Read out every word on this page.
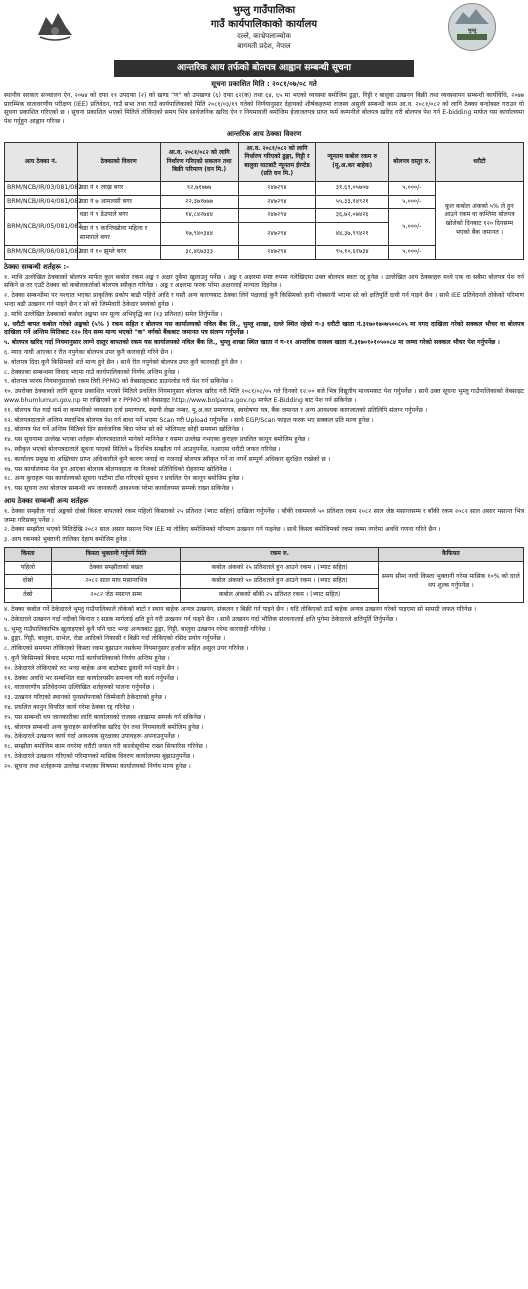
भुम्लु गाउँपालिका
गाउँ कार्यपालिकाको कार्यालय
दल्ले, काभ्रेपलाञ्चोक
बागमती प्रदेश, नेपाल
भुम्लु
आन्तरिक आय तर्फको बोलपत्र आह्वान सम्बन्धी सूचना
सूचना प्रकाशित मिति : २०८१/०७/०८ गते

स्थानीय सरकार सञ्चालन ऐन, २०७४ को दफा ११ उपदफा (२) को खण्ड "ण" को उपखण्ड (६) दफा ६२(क) तथा ६४, ६५ मा भएको व्यवस्था बमोजिम ढुङ्गा, गिट्टी र बालुवा उत्खनन बिक्री तथा व्यवस्थापन सम्बन्धी कार्यविधि, २०७७ प्रारम्भिक वातावरणीय परीक्षण (IEE) प्रतिवेदन, गाउँ सभा तथा गाउँ कार्यपालिकाको मिति २०८१/०३/१९ गतेको निर्णयानुसार देहायको शीर्षकहरुमा राजस्व असुली सम्बन्धी काम आ.व. २०८१/०८२ को लागि ठेक्का बन्दोबस्त गराउन यो सूचना प्रकाशित गरिएको छ । सूचना प्रकाशित भएको मितिले तोकिएको समय भित्र सार्वजनिक खरिद ऐन र नियमावली बमोजिम ईजाजतपत्र प्राप्त फर्म कम्पनीले बोलपत्र खरिद गरी बोलपत्र पेश गर्न E-bidding मार्फत यस कार्यालयमा पेश गर्नुहुन आह्वान गरिन्छ ।

आन्तरिक आय ठेक्का विवरण
आय ठेक्का नं.	ठेक्काको विवरण	आ.व. २०८१/०८२ को लागि निर्धारण गरिएको सकलन तथा बिक्री परिमाण (घन मि.)	आ.व. २०८१/०८२ को लागि निर्धारण गरिएको ढुङ्गा, गिट्टी र बालुवा घाटबाटै न्यूनतम ईरन्टेड (प्रति घन मि.)	न्यूनतम कबोल रकम रु (मू.अ.कर बाहेक)	बोलपत्र दस्तुर रु.	धरौटी
BRM/NCB/IR/03/081/082	वडा नं १ जाख्र बगर	१२,७१७७७	२४७२९४	३१,६९,०५७०७	५,०००/-	कूल कबोल अंकको ५% ले हुन आउने रकम वा कम्तिमा बोलपत्र खोलेको दिनबाट १२० दिनसम्म भएको बैंक जमानत ।
BRM/NCB/IR/04/081/082	वडा नं ७ आमलसी बगर	२२,३७१७७७	२४७२९४	५५,३३,१४९२१	५,०००/-	
BRM/NCB/IR/05/081/082	वडा नं ९ डेउपाले बगर	१४,८४२७४४	२४७२९४	३६,७२,०७४२६	५,०००/-	
	वडा नं ९ कान्तिखोला महिला र सामपाले बगर	१७,९४०३४४	२४७२९४	४४,३७,९९४२१		
BRM/NCB/IR/06/081/082	वडा नं १० झुम्ले बगर	३८,४६७३३३	२४७२९४	९५,१०,६१७३४	५,०००/-	
ठेक्का सम्बन्धी शर्तहरू :-
१. माथि उल्लेखित ठेक्काको बोलपत्र मार्फत कूल कबोल रकम अङ्क र अक्षर दुबैमा खुलाउनु पर्नेछ । अङ्क र अक्षरमा स्पष्ट रुपमा नलेखिएमा उक्त बोलपत्र स्वतः रद्द हुनेछ । उल्लेखित आय ठेक्काहरु मध्ये एक वा सबैमा बोलपत्र पेश गर्न सकिने छ तर एउटै ठेक्का को कबोलकर्ताको बोलपत्र स्वीकृत गरिनेछ । अङ्क र अक्षरमा फरक परेमा अक्षरलाई मान्यता दिइनेछ ।
२. ठेक्का सम्बन्धीमा पर पश्चात भएका प्राकृतिक प्रकोप बाढी पहिरो आदि र यस्तै अन्य कारणबाट ठेक्का लिने पक्षलाई कुनै किसिमको हानी नोक्सानी भएमा सो को क्षतिपूर्ति दावी गर्न पाइने छैन । साथै IEE प्रतिवेदनले तोकेको परिमाण भन्दा बढी उत्खनन गर्न पाइने छैन र सो को जिम्मेवारी ठेकेदार स्वयंको हुनेछ ।
३. माथि उल्लेखित ठेक्काको कबोल अङ्कमा थप मूल्य अभिवृद्धि कर (१३ प्रतिशत) समेत तिर्नुपर्नेछ ।
४. धरौटी बापत कबोल गरेको अङ्कको (५% ) रकम सहित र बोलपत्र यस कार्यालयको नविल बैंक लि., भुम्लु शाखा, दल्ले स्थित रहेको ग-३ धरौटी खाता नं.३१७०१७०७५००८०५ मा नगद दाखिला गरेको सक्कल भौचर वा बोलपत्र दाखिला गर्ने अन्तिम मितिबाट १२० दिन सम्म मान्य भएको "क" वर्गको बैंकबाट जमानत पत्र संलग्न गर्नुपर्नेछ ।
५. बोलपत्र खरिद गर्दा नियमानुसार लाग्ने दस्तुर बापतको रकम यस कार्यालयको नविल बैंक लि., भुम्लु शाखा स्थित खाता नं ग-११ आन्तरिक राजश्व खाता नं.३१७०१०१०५००८४ मा जम्मा गरेको सक्कल भौचर पेश गर्नुपर्नेछ ।
६. म्याद नाघी आएका र रीत नपुगेका बोलपत्र उपर कुनै कारवाही गरिने छैन ।
७. बोलपत्र दिदा कुनै किसिमको शर्त मान्य हुने छैन । साथै रीत नपुगेको बोलपत्र उपर कुनै कारवाही हुने छैन ।
८. ठेक्काका सम्बन्धमा विवाद भएमा गाउँ कार्यपालिकाको निर्णय अन्तिम हुनेछ ।
९. बोलपत्र फारम नियमानुसारको रकम तिरी PPMO को वेबसाइटबाट डाउनलोड गरी पेश गर्न सकिनेछ ।
१०. उपरोक्त ठेक्काको लागि सूचना प्रकाशित भएको मितिले प्रचलित नियमानुसार बोलपत्र खरिद गरी मिति २०८१/०८/०५ गते दिनको १२:०० बजे भित्र विद्युतीय माध्यमबाट पेश गर्नुपर्नेछ । साथै उक्त सूचना भुम्लु गाउँपालिकाको वेबसाइट www.bhumlumun.gov.np मा राखिएको छ र PPMO को वेबसाइट http://www.bolpatra.gov.np मार्फत E-Bidding बाट पेश गर्न सकिनेछ ।
११. बोलपत्र पेश गर्दा फर्म वा कम्पनीको व्यवसाय दर्ता प्रमाणपत्र, स्थायी लेखा नम्बर, मू.अ.कर प्रमाणपत्र, स्वघोषणा पत्र, बैंक जमानत र अन्य आवश्यक कागजातको प्रतिलिपि संलग्न गर्नुपर्नेछ ।
१२. बोलपत्रदाताले अन्तिम म्यादभित्र बोलपत्र पेश गर्न बाधा पर्ने भएमा Scan गरी Upload गर्नुपर्नेछ । साथै EGP/Scan फाइल फरक भए सक्कल प्रति मान्य हुनेछ ।
१३. बोलपत्र पेश गर्ने अन्तिम मितिको दिन सार्वजनिक बिदा परेमा सो को भोलिपल्ट सोही समयमा खोलिनेछ ।
१४. यस सूचनामा उल्लेख भएका शर्तहरू बोलपत्रदाताले मानेको मानिनेछ र यसमा उल्लेख नभएका कुराहरु प्रचलित कानून बमोजिम हुनेछ ।
१५. स्वीकृत भएको बोलपत्रदाताले सूचना पाएको मितिले ७ दिनभित्र सम्झौता गर्न आउनुपर्नेछ, नआएमा धरौटी जफत गरिनेछ ।
१६. कार्यालय प्रमुख वा अख्तियार प्राप्त अधिकारीले कुनै कारण जनाई वा नजनाई बोलपत्र स्वीकृत गर्ने वा नगर्ने सम्पूर्ण अधिकार सुरक्षित राखेको छ ।
१७. यस कार्यालयमा पेश हुन आएका बोलपत्र बोलपत्रदाता वा निजको प्रतिनिधिको रोहवरमा खोलिनेछ ।
१८. अन्य कुराहरू यस कार्यालयको सूचना पाटीमा टाँस गरिएको सूचना र प्रचलित ऐन कानून बमोजिम हुनेछ ।
१९. यस सूचना तथा बोलपत्र सम्बन्धी थप जानकारी आवश्यक परेमा कार्यालयमा सम्पर्क राख्न सकिनेछ ।
आय ठेक्का सम्बन्धी अन्य शर्तहरू
१. ठेक्का सम्झौता गर्दा अङ्कको दोस्रो किस्ता बापतको रकम पहिलो किस्ताको २५ प्रतिशत (भ्याट सहित) दाखिला गर्नुपर्नेछ । बाँकी रकममध्ये ५० प्रतिशत रकम २०८२ साल जेष्ठ मसान्तसम्म र बाँकी रकम २०८२ साल असार मसान्त भित्र जम्मा गरिसक्नु पर्नेछ ।
२. ठेक्का सम्झौता भएको मितिदेखि २०८२ साल असार मसान्त भित्र IEE मा तोकिए बमोजिमको परिमाण उत्खनन गर्न पाइनेछ । साथै किस्ता बमोजिमको रकम जम्मा नगरेमा अवधि गणना गरिने छैन ।
३. आय रकमको भुक्तानी तालिका देहाय बमोजिम हुनेछ :
किस्ता	किस्ता भुक्तानी गर्नुपर्ने मिति	रकम रु.	कैफियत
पहिलो	ठेक्का सम्झौताको बखत	कबोल अंकको २५ प्रतिशतले हुन आउने रकम । (भ्याट सहित)	समय सीमा नाघी किस्ता भुक्तानी गरेमा मासिक १०% को दरले थप शुल्क गर्नुपर्नेछ ।
दोस्रो	२०८२ साल माघ मसान्तभित्र	कबोल अंकको ५० प्रतिशतले हुन आउने रकम । (भ्याट सहित)	
तेस्रो	२०८२ जेठ मसान्त सम्म	कबोल अंकको बाँकी २५ प्रतिशत रकम । (भ्याट सहित)	
४. ठेक्का कबोल गर्ने ठेकेदारले भुम्लु गाउँपालिकाले तोकेको बाटो र स्थान बाहेक अन्यत्र उत्खनन, संकलन र बिक्री गर्न पाइने छैन । यदि तोकिएको ठाउँ बाहेक अन्यत्र उत्खनन गरेको पाइएमा सो सामग्री जफत गरिनेछ ।
५. ठेकेदारले उत्खनन गर्दा नदीको किनारा र सडक मार्गलाई क्षति हुने गरी उत्खनन गर्न पाइने छैन । साथै उत्खनन गर्दा भौतिक संरचनालाई क्षति पुगेमा ठेकेदारले क्षतिपूर्ति तिर्नुपर्नेछ ।
६. भुम्लु गाउँपालिकाभित्र खुलाइएको कुनै पनि घाट भन्दा अन्यत्रबाट ढुङ्गा, गिट्टी, बालुवा उत्खनन गरेमा कारवाही गरिनेछ ।
७. ढुङ्गा, गिट्टी, बालुवा, ग्राभेल, रोडा आदिको निकासी र बिक्री गर्दा तोकिएको रसिद प्रयोग गर्नुपर्नेछ ।
८. तोकिएको समयमा तोकिएको किस्ता रकम बुझाउन नसकेमा नियमानुसार हर्जाना सहित असुल उपर गरिनेछ ।
९. कुनै किसिमको बिवाद भएमा गाउँ कार्यपालिकाको निर्णय अन्तिम हुनेछ ।
१०. ठेकेदारले तोकिएको रुट भन्दा बाहेक अन्य बाटोबाट ढुवानी गर्न पाइने छैन ।
११. ठेक्का अवधि भर सम्बन्धित वडा कार्यालयसँग समन्वय गरी कार्य गर्नुपर्नेछ ।
१२. वातावरणीय प्रतिवेदनमा उल्लिखित शर्तहरुको पालना गर्नुपर्नेछ ।
१३. उत्खनन गरिएको स्थानको पुनर्स्थापनाको जिम्मेवारी ठेकेदारको हुनेछ ।
१४. प्रचलित कानुन विपरित कार्य गरेमा ठेक्का रद्द गरिनेछ ।
१५. यस सम्बन्धी थप जानकारीका लागि कार्यालयको राजस्व शाखामा सम्पर्क गर्न सकिनेछ ।
१६. बोलपत्र सम्बन्धी अन्य कुराहरू सार्वजनिक खरिद ऐन तथा नियमावली बमोजिम हुनेछ ।
१७. ठेकेदारले उत्खनन कार्य गर्दा आवश्यक सुरक्षाका उपायहरू अपनाउनुपर्नेछ ।
१८. सम्झौता बमोजिम काम नगरेमा धरौटी जफत गरी कालोसूचीमा राख्न सिफारिस गरिनेछ ।
१९. ठेकेदारले उत्खनन गरिएको परिमाणको मासिक विवरण कार्यालयमा बुझाउनुपर्नेछ ।
२०. सूचना तथा शर्तहरूमा उल्लेख नभएका विषयमा कार्यालयको निर्णय मान्य हुनेछ ।
